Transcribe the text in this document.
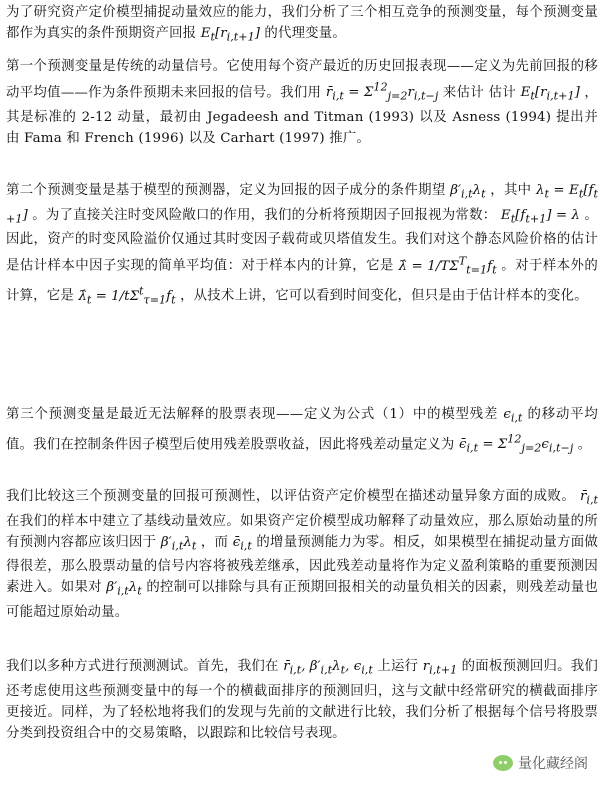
为了研究资产定价模型捕捉动量效应的能力，我们分析了三个相互竞争的预测变量，每个预测变量都作为真实的条件预期资产回报 $E_t[r_{i,t+1}]$ 的代理变量。
第一个预测变量是传统的动量信号。它使用每个资产最近的历史回报表现——定义为先前回报的移动平均值——作为条件预期未来回报的信号。我们用 $r̄_{i,t} = \Sigma^{12}_{j=2}r_{i,t-j}$ 来估计 估计 $E_t[r_{i,t+1}]$ ，其是标准的 2-12 动量，最初由 Jegadeesh and Titman (1993) 以及 Asness (1994) 提出并由 Fama 和 French (1996) 以及 Carhart (1997) 推广。
第二个预测变量是基于模型的预测器，定义为回报的因子成分的条件期望 $\beta'_{i,t}\lambda_t$ ，其中 $\lambda_t = E_t[f_{t+1}]$ 。为了直接关注时变风险敞口的作用，我们的分析将预期因子回报视为常数： $E_t[f_{t+1}] = \lambda$ 。因此，资产的时变风险溢价仅通过其时变因子载荷或贝塔值发生。我们对这个静态风险价格的估计是估计样本中因子实现的简单平均值：对于样本内的计算，它是 λ̂ = $1/T\Sigma^T_{t=1}f_t$ 。对于样本外的计算，它是 $\lambdâ_t = 1/t\Sigma^t_{\tau=1}f_t$ ，从技术上讲，它可以看到时间变化，但只是由于估计样本的变化。
第三个预测变量是最近无法解释的股票表现——定义为公式（1）中的模型残差 $\epsilon_{i,t}$ 的移动平均值。我们在控制条件因子模型后使用残差股票收益，因此将残差动量定义为 $\epsilon̄_{i,t} = \Sigma^{12}_{j=2}\epsilon_{i,t-j}$ 。
我们比较这三个预测变量的回报可预测性，以评估资产定价模型在描述动量异象方面的成败。 $r̄_{i,t}$ 在我们的样本中建立了基线动量效应。如果资产定价模型成功解释了动量效应，那么原始动量的所有预测内容都应该归因于 $\beta'_{i,t}\lambda_t$ ，而 $\epsilon̄_{i,t}$ 的增量预测能力为零。相反，如果模型在捕捉动量方面做得很差，那么股票动量的信号内容将被残差继承，因此残差动量将作为定义盈利策略的重要预测因素进入。如果对 $\beta'_{i,t}\lambda_t$ 的控制可以排除与具有正预期回报相关的动量负相关的因素，则残差动量也可能超过原始动量。
我们以多种方式进行预测测试。首先，我们在 $r̄_{i,t}$, $\beta'_{i,t}\lambda_t$, $\epsilon_{i,t}$ 上运行 $r_{i,t+1}$ 的面板预测回归。我们还考虑使用这些预测变量中的每一个的横截面排序的预测回归，这与文献中经常研究的横截面排序更接近。同样，为了轻松地将我们的发现与先前的文献进行比较，我们分析了根据每个信号将股票分类到投资组合中的交易策略，以跟踪和比较信号表现。
量化藏经阁
